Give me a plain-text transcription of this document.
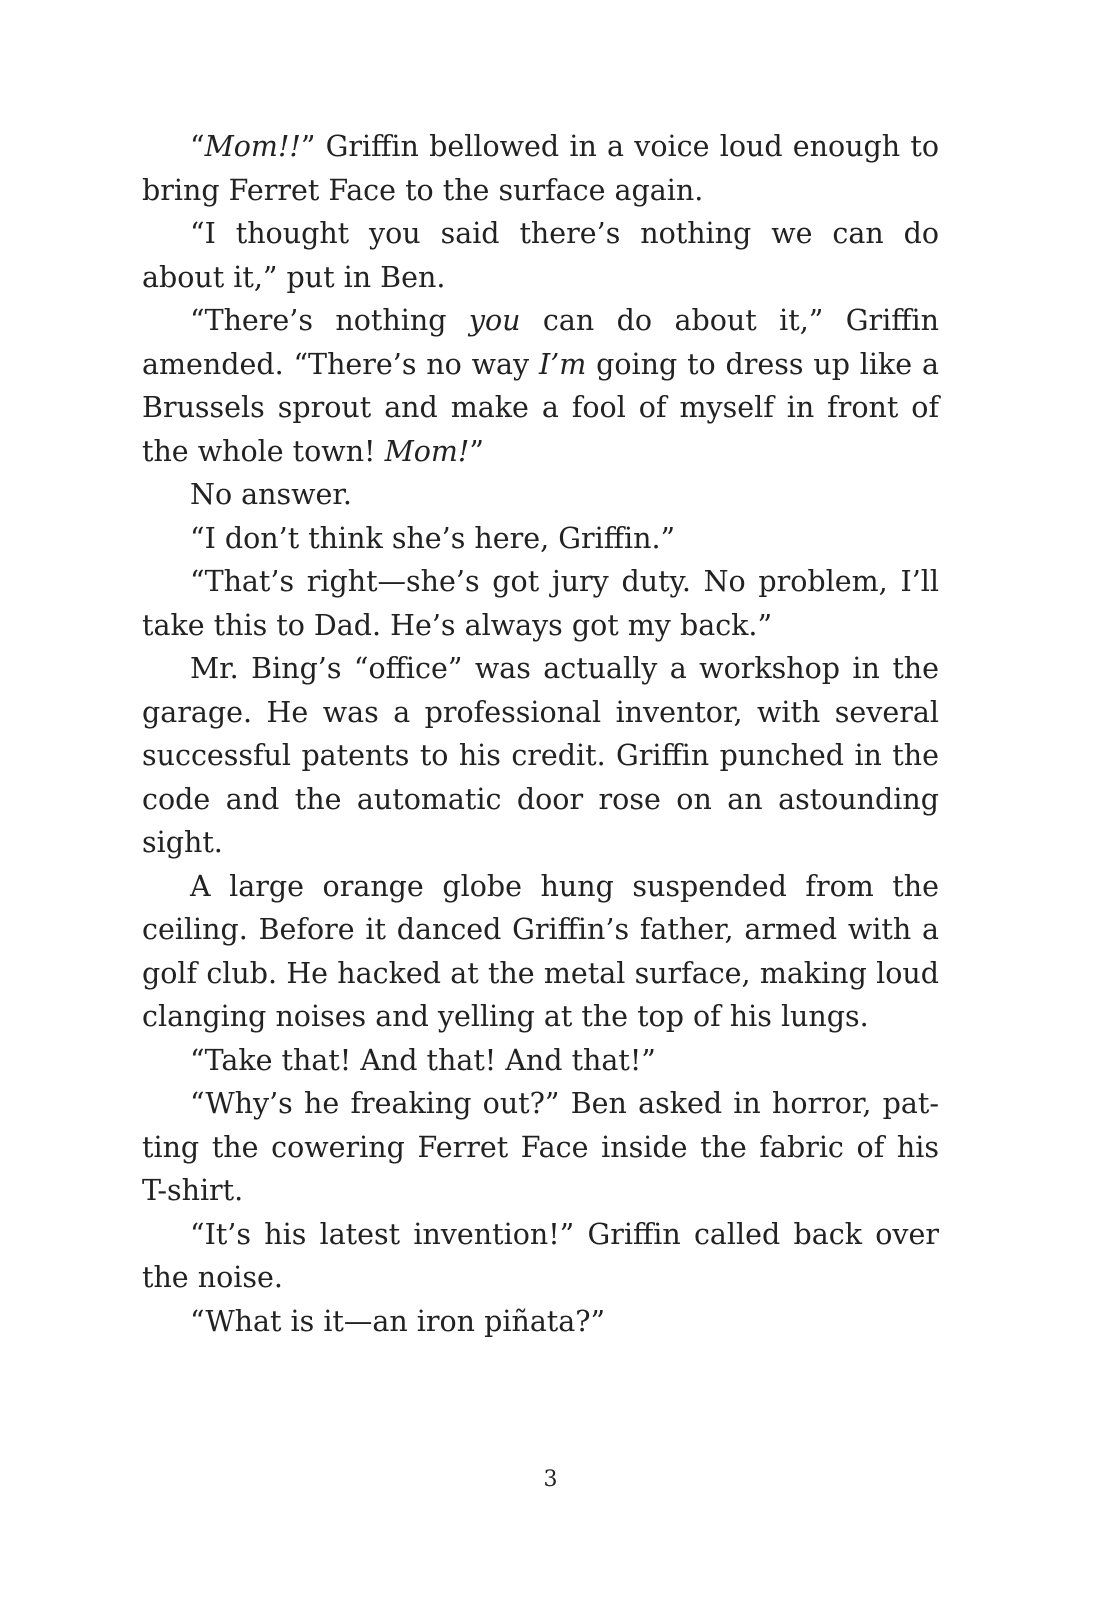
“Mom!!” Griffin bellowed in a voice loud enough to bring Ferret Face to the surface again.

“I thought you said there’s nothing we can do about it,” put in Ben.

“There’s nothing you can do about it,” Griffin amended. “There’s no way I’m going to dress up like a Brussels sprout and make a fool of myself in front of the whole town! Mom!”

No answer.

“I don’t think she’s here, Griffin.”

“That’s right—she’s got jury duty. No problem, I’ll take this to Dad. He’s always got my back.”

Mr. Bing’s “office” was actually a workshop in the garage. He was a professional inventor, with several successful patents to his credit. Griffin punched in the code and the automatic door rose on an astounding sight.

A large orange globe hung suspended from the ceiling. Before it danced Griffin’s father, armed with a golf club. He hacked at the metal surface, making loud clanging noises and yelling at the top of his lungs.

“Take that! And that! And that!”

“Why’s he freaking out?” Ben asked in horror, patting the cowering Ferret Face inside the fabric of his T-shirt.

“It’s his latest invention!” Griffin called back over the noise.

“What is it—an iron piñata?”

3
